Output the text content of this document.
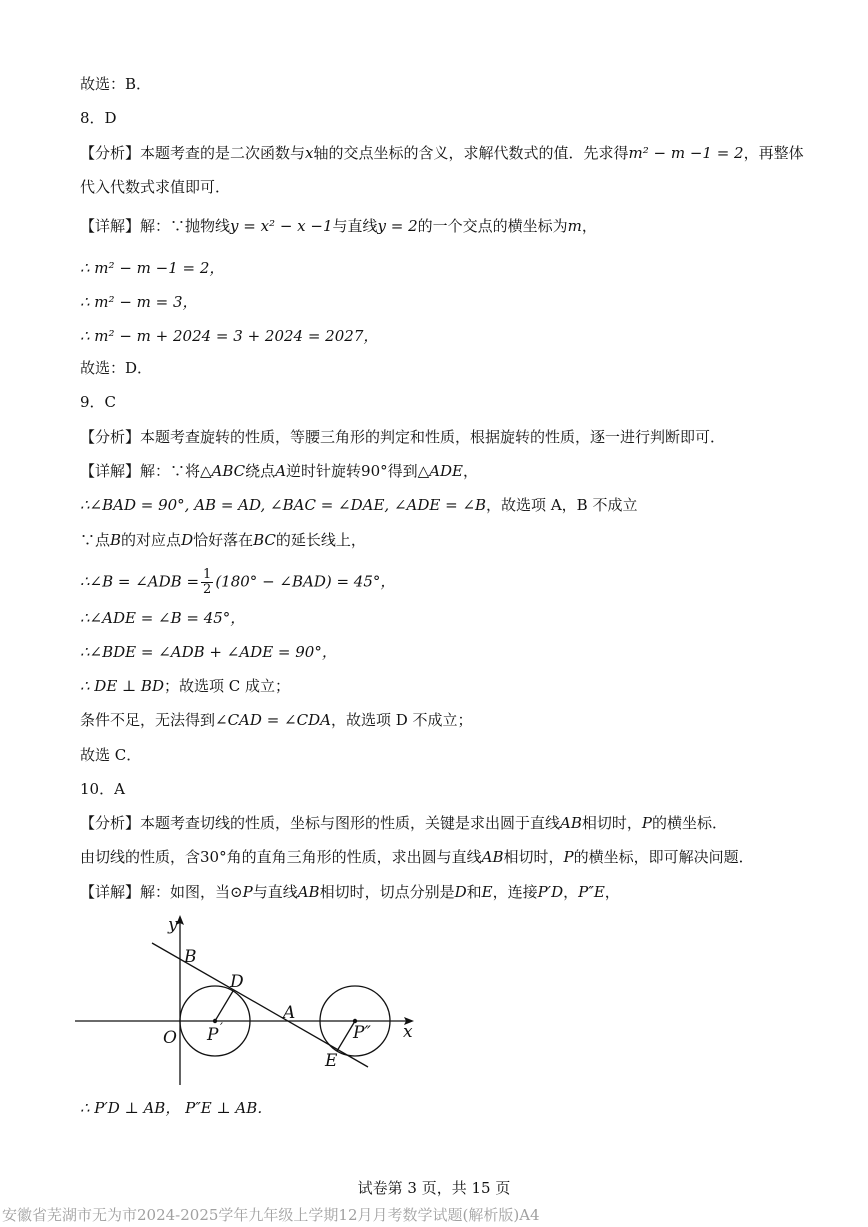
故选：B．
8．D
【分析】本题考查的是二次函数与x轴的交点坐标的含义，求解代数式的值．先求得m² − m −1 = 2，再整体
代入代数式求值即可．
【详解】解：∵抛物线y = x² − x −1与直线y = 2的一个交点的横坐标为m，
∴ m² − m −1 = 2，
∴ m² − m = 3，
∴ m² − m + 2024 = 3 + 2024 = 2027，
故选：D．
9．C
【分析】本题考查旋转的性质，等腰三角形的判定和性质，根据旋转的性质，逐一进行判断即可．
【详解】解：∵将△ABC绕点A逆时针旋转90°得到△ADE，
∴∠BAD = 90°, AB = AD, ∠BAC = ∠DAE, ∠ADE = ∠B，故选项 A，B 不成立
∵点B的对应点D恰好落在BC的延长线上，
∴∠B = ∠ADB = $\frac{1}{2} (180^\circ$ − ∠BAD) = 45°，
∴∠ADE = ∠B = 45°，
∴∠BDE = ∠ADB + ∠ADE = 90°，
∴ DE ⊥ BD；故选项 C 成立；
条件不足，无法得到∠CAD = ∠CDA，故选项 D 不成立；
故选 C．
10．A
【分析】本题考查切线的性质，坐标与图形的性质，关键是求出圆于直线AB相切时，P的横坐标．
由切线的性质，含30°角的直角三角形的性质，求出圆与直线AB相切时，P的横坐标，即可解决问题．
【详解】解：如图，当⊙P与直线AB相切时，切点分别是D和E，连接P′D，P″E，
y
x
O
B
D
A
P ′	P″
E
∴ P′D ⊥ AB， P″E ⊥ AB．
试卷第 3 页，共 15 页
安徽省芜湖市无为市2024-2025学年九年级上学期12月月考数学试题(解析版)A4
